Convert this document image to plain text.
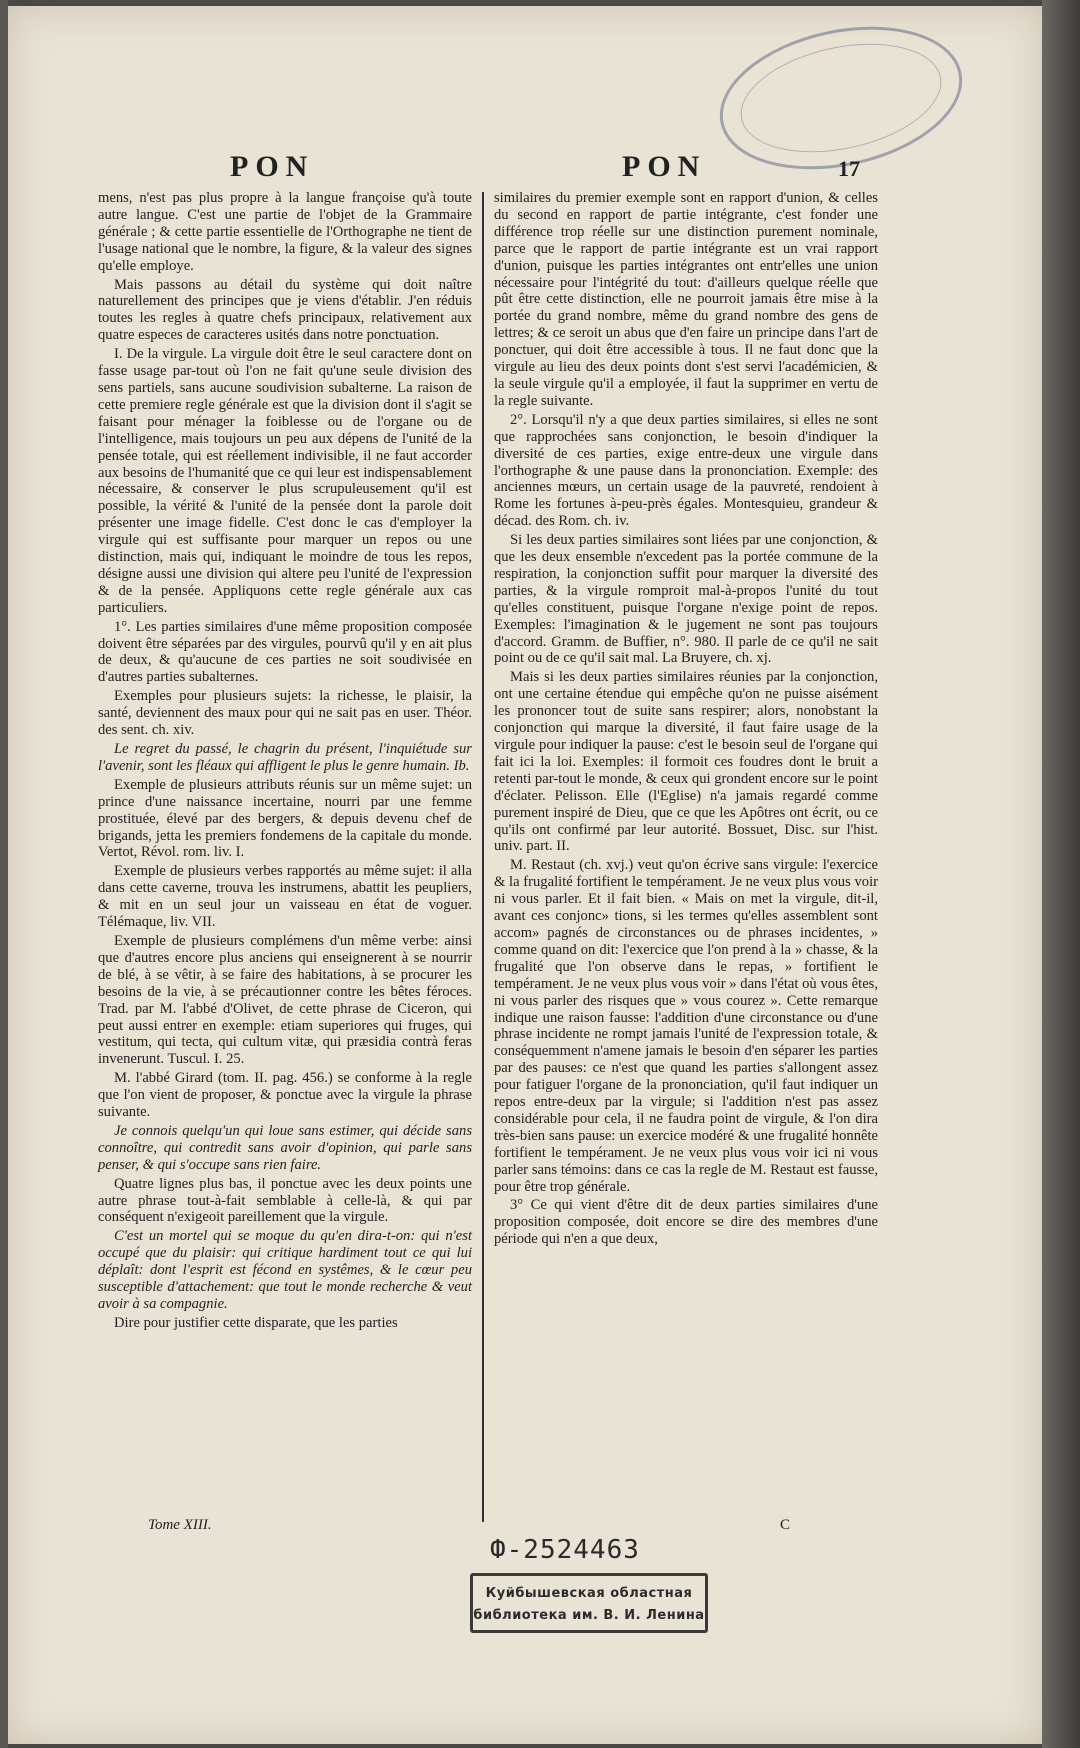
PON	PON	17

mens, n'est pas plus propre à la langue françoise qu'à toute autre langue. C'est une partie de l'objet de la Grammaire générale ; & cette partie essentielle de l'Orthographe ne tient de l'usage national que le nombre, la figure, & la valeur des signes qu'elle employe.

Mais passons au détail du système qui doit naître naturellement des principes que je viens d'établir. J'en réduis toutes les regles à quatre chefs principaux, relativement aux quatre especes de caracteres usités dans notre ponctuation.

I. De la virgule. La virgule doit être le seul caractere dont on fasse usage par-tout où l'on ne fait qu'une seule division des sens partiels, sans aucune soudivision subalterne. La raison de cette premiere regle générale est que la division dont il s'agit se faisant pour ménager la foiblesse ou de l'organe ou de l'intelligence, mais toujours un peu aux dépens de l'unité de la pensée totale, qui est réellement indivisible, il ne faut accorder aux besoins de l'humanité que ce qui leur est indispensablement nécessaire, & conserver le plus scrupuleusement qu'il est possible, la vérité & l'unité de la pensée dont la parole doit présenter une image fidelle. C'est donc le cas d'employer la virgule qui est suffisante pour marquer un repos ou une distinction, mais qui, indiquant le moindre de tous les repos, désigne aussi une division qui altere peu l'unité de l'expression & de la pensée. Appliquons cette regle générale aux cas particuliers.

1°. Les parties similaires d'une même proposition composée doivent être séparées par des virgules, pourvû qu'il y en ait plus de deux, & qu'aucune de ces parties ne soit soudivisée en d'autres parties subalternes.

Exemples pour plusieurs sujets: la richesse, le plaisir, la santé, deviennent des maux pour qui ne sait pas en user. Théor. des sent. ch. xiv.

Le regret du passé, le chagrin du présent, l'inquiétude sur l'avenir, sont les fléaux qui affligent le plus le genre humain. Ib.

Exemple de plusieurs attributs réunis sur un même sujet: un prince d'une naissance incertaine, nourri par une femme prostituée, élevé par des bergers, & depuis devenu chef de brigands, jetta les premiers fondemens de la capitale du monde. Vertot, Révol. rom. liv. I.

Exemple de plusieurs verbes rapportés au même sujet: il alla dans cette caverne, trouva les instrumens, abattit les peupliers, & mit en un seul jour un vaisseau en état de voguer. Télémaque, liv. VII.

Exemple de plusieurs complémens d'un même verbe: ainsi que d'autres encore plus anciens qui enseignerent à se nourrir de blé, à se vêtir, à se faire des habitations, à se procurer les besoins de la vie, à se précautionner contre les bêtes féroces. Trad. par M. l'abbé d'Olivet, de cette phrase de Ciceron, qui peut aussi entrer en exemple: etiam superiores qui fruges, qui vestitum, qui tecta, qui cultum vitæ, qui præsidia contrà feras invenerunt. Tuscul. I. 25.

M. l'abbé Girard (tom. II. pag. 456.) se conforme à la regle que l'on vient de proposer, & ponctue avec la virgule la phrase suivante.

Je connois quelqu'un qui loue sans estimer, qui décide sans connoître, qui contredit sans avoir d'opinion, qui parle sans penser, & qui s'occupe sans rien faire.

Quatre lignes plus bas, il ponctue avec les deux points une autre phrase tout-à-fait semblable à celle-là, & qui par conséquent n'exigeoit pareillement que la virgule.

C'est un mortel qui se moque du qu'en dira-t-on: qui n'est occupé que du plaisir: qui critique hardiment tout ce qui lui déplaît: dont l'esprit est fécond en systêmes, & le cœur peu susceptible d'attachement: que tout le monde recherche & veut avoir à sa compagnie.

Dire pour justifier cette disparate, que les parties

similaires du premier exemple sont en rapport d'union, & celles du second en rapport de partie intégrante, c'est fonder une différence trop réelle sur une distinction purement nominale, parce que le rapport de partie intégrante est un vrai rapport d'union, puisque les parties intégrantes ont entr'elles une union nécessaire pour l'intégrité du tout: d'ailleurs quelque réelle que pût être cette distinction, elle ne pourroit jamais être mise à la portée du grand nombre, même du grand nombre des gens de lettres; & ce seroit un abus que d'en faire un principe dans l'art de ponctuer, qui doit être accessible à tous. Il ne faut donc que la virgule au lieu des deux points dont s'est servi l'académicien, & la seule virgule qu'il a employée, il faut la supprimer en vertu de la regle suivante.

2°. Lorsqu'il n'y a que deux parties similaires, si elles ne sont que rapprochées sans conjonction, le besoin d'indiquer la diversité de ces parties, exige entre-deux une virgule dans l'orthographe & une pause dans la prononciation. Exemple: des anciennes mœurs, un certain usage de la pauvreté, rendoient à Rome les fortunes à-peu-près égales. Montesquieu, grandeur & décad. des Rom. ch. iv.

Si les deux parties similaires sont liées par une conjonction, & que les deux ensemble n'excedent pas la portée commune de la respiration, la conjonction suffit pour marquer la diversité des parties, & la virgule romproit mal-à-propos l'unité du tout qu'elles constituent, puisque l'organe n'exige point de repos. Exemples: l'imagination & le jugement ne sont pas toujours d'accord. Gramm. de Buffier, n°. 980. Il parle de ce qu'il ne sait point ou de ce qu'il sait mal. La Bruyere, ch. xj.

Mais si les deux parties similaires réunies par la conjonction, ont une certaine étendue qui empêche qu'on ne puisse aisément les prononcer tout de suite sans respirer; alors, nonobstant la conjonction qui marque la diversité, il faut faire usage de la virgule pour indiquer la pause: c'est le besoin seul de l'organe qui fait ici la loi. Exemples: il formoit ces foudres dont le bruit a retenti par-tout le monde, & ceux qui grondent encore sur le point d'éclater. Pelisson. Elle (l'Eglise) n'a jamais regardé comme purement inspiré de Dieu, que ce que les Apôtres ont écrit, ou ce qu'ils ont confirmé par leur autorité. Bossuet, Disc. sur l'hist. univ. part. II.

M. Restaut (ch. xvj.) veut qu'on écrive sans virgule: l'exercice & la frugalité fortifient le tempérament. Je ne veux plus vous voir ni vous parler. Et il fait bien. « Mais on met la virgule, dit-il, avant ces conjonc» tions, si les termes qu'elles assemblent sont accom» pagnés de circonstances ou de phrases incidentes, » comme quand on dit: l'exercice que l'on prend à la » chasse, & la frugalité que l'on observe dans le repas, » fortifient le tempérament. Je ne veux plus vous voir » dans l'état où vous êtes, ni vous parler des risques que » vous courez ». Cette remarque indique une raison fausse: l'addition d'une circonstance ou d'une phrase incidente ne rompt jamais l'unité de l'expression totale, & conséquemment n'amene jamais le besoin d'en séparer les parties par des pauses: ce n'est que quand les parties s'allongent assez pour fatiguer l'organe de la prononciation, qu'il faut indiquer un repos entre-deux par la virgule; si l'addition n'est pas assez considérable pour cela, il ne faudra point de virgule, & l'on dira très-bien sans pause: un exercice modéré & une frugalité honnête fortifient le tempérament. Je ne veux plus vous voir ici ni vous parler sans témoins: dans ce cas la regle de M. Restaut est fausse, pour être trop générale.

3° Ce qui vient d'être dit de deux parties similaires d'une proposition composée, doit encore se dire des membres d'une période qui n'en a que deux,

Tome XIII.	C
Ф-2524463
Куйбышевская областная
библиотека им. В. И. Ленина
